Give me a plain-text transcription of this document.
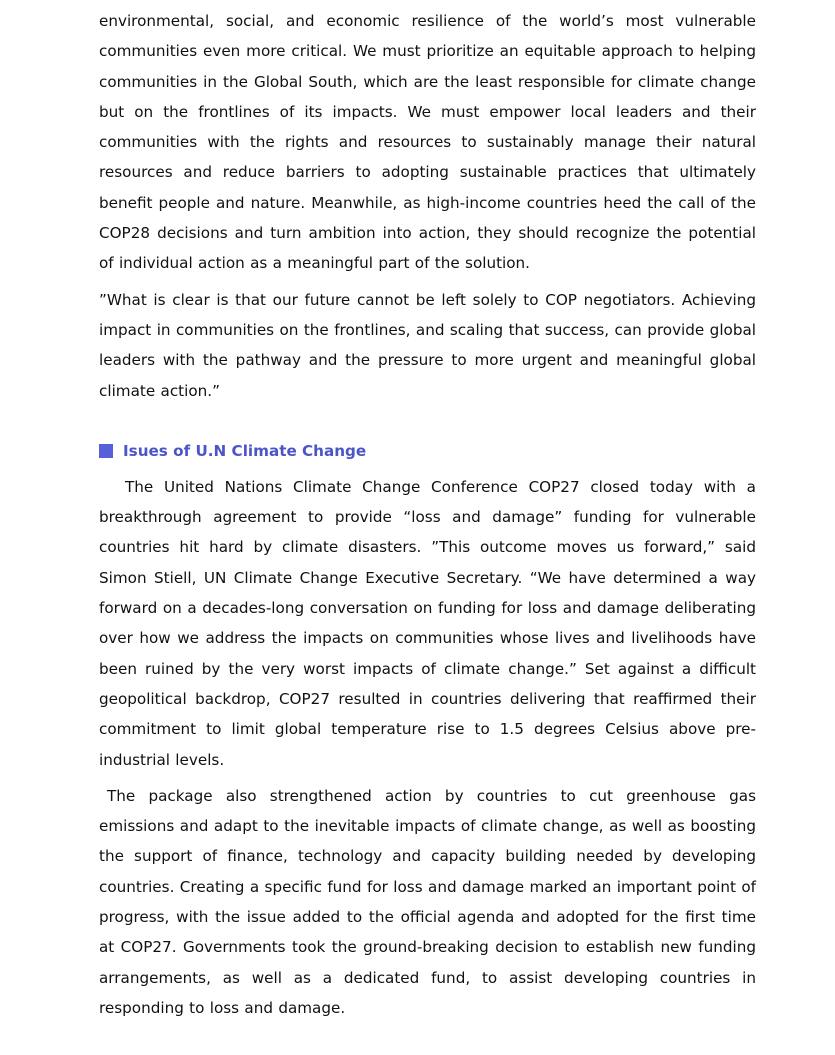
environmental, social, and economic resilience of the world’s most vulnerable communities even more critical. We must prioritize an equitable approach to helping communities in the Global South, which are the least responsible for climate change but on the frontlines of its impacts. We must empower local leaders and their communities with the rights and resources to sustainably manage their natural resources and reduce barriers to adopting sustainable practices that ultimately benefit people and nature. Meanwhile, as high-income countries heed the call of the COP28 decisions and turn ambition into action, they should recognize the potential of individual action as a meaningful part of the solution.

”What is clear is that our future cannot be left solely to COP negotiators. Achieving impact in communities on the frontlines, and scaling that success, can provide global leaders with the pathway and the pressure to more urgent and meaningful global climate action.”

Isues of U.N Climate Change

The United Nations Climate Change Conference COP27 closed today with a breakthrough agreement to provide “loss and damage” funding for vulnerable countries hit hard by climate disasters. ”This outcome moves us forward,” said Simon Stiell, UN Climate Change Executive Secretary. “We have determined a way forward on a decades-long conversation on funding for loss and damage deliberating over how we address the impacts on communities whose lives and livelihoods have been ruined by the very worst impacts of climate change.” Set against a difficult geopolitical backdrop, COP27 resulted in countries delivering that reaffirmed their commitment to limit global temperature rise to 1.5 degrees Celsius above pre-industrial levels.

The package also strengthened action by countries to cut greenhouse gas emissions and adapt to the inevitable impacts of climate change, as well as boosting the support of finance, technology and capacity building needed by developing countries. Creating a specific fund for loss and damage marked an important point of progress, with the issue added to the official agenda and adopted for the first time at COP27. Governments took the ground-breaking decision to establish new funding arrangements, as well as a dedicated fund, to assist developing countries in responding to loss and damage.
